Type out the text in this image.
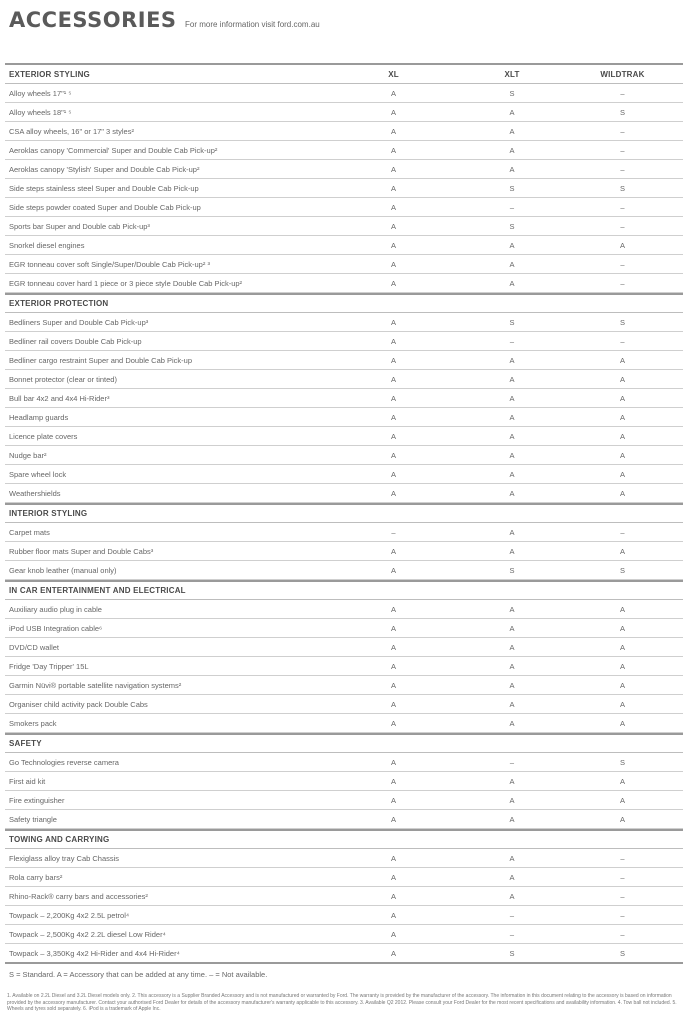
ACCESSORIES For more information visit ford.com.au
EXTERIOR STYLING	XL	XLT	WILDTRAK
Alloy wheels 17"¹ ⁵	A	S	–
Alloy wheels 18"¹ ⁵	A	A	S
CSA alloy wheels, 16" or 17" 3 styles²	A	A	–
Aeroklas canopy 'Commercial' Super and Double Cab Pick-up²	A	A	–
Aeroklas canopy 'Stylish' Super and Double Cab Pick-up²	A	A	–
Side steps stainless steel Super and Double Cab Pick-up	A	S	S
Side steps powder coated Super and Double Cab Pick-up	A	–	–
Sports bar Super and Double cab Pick-up³	A	S	–
Snorkel diesel engines	A	A	A
EGR tonneau cover soft Single/Super/Double Cab Pick-up² ³	A	A	–
EGR tonneau cover hard 1 piece or 3 piece style Double Cab Pick-up²	A	A	–
EXTERIOR PROTECTION
Bedliners Super and Double Cab Pick-up³	A	S	S
Bedliner rail covers Double Cab Pick-up	A	–	–
Bedliner cargo restraint Super and Double Cab Pick-up	A	A	A
Bonnet protector (clear or tinted)	A	A	A
Bull bar 4x2 and 4x4 Hi-Rider³	A	A	A
Headlamp guards	A	A	A
Licence plate covers	A	A	A
Nudge bar²	A	A	A
Spare wheel lock	A	A	A
Weathershields	A	A	A
INTERIOR STYLING
Carpet mats	–	A	–
Rubber floor mats Super and Double Cabs³	A	A	A
Gear knob leather (manual only)	A	S	S
IN CAR ENTERTAINMENT AND ELECTRICAL
Auxiliary audio plug in cable	A	A	A
iPod USB Integration cable⁶	A	A	A
DVD/CD wallet	A	A	A
Fridge 'Day Tripper' 15L	A	A	A
Garmin Nüvi® portable satellite navigation systems²	A	A	A
Organiser child activity pack Double Cabs	A	A	A
Smokers pack	A	A	A
SAFETY
Go Technologies reverse camera	A	–	S
First aid kit	A	A	A
Fire extinguisher	A	A	A
Safety triangle	A	A	A
TOWING AND CARRYING
Flexiglass alloy tray Cab Chassis	A	A	–
Rola carry bars²	A	A	–
Rhino-Rack® carry bars and accessories²	A	A	–
Towpack – 2,200Kg 4x2 2.5L petrol⁴	A	–	–
Towpack – 2,500Kg 4x2 2.2L diesel Low Rider⁴	A	–	–
Towpack – 3,350Kg 4x2 Hi-Rider and 4x4 Hi-Rider⁴	A	S	S
S = Standard. A = Accessory that can be added at any time. – = Not available.
1. Available on 2.2L Diesel and 3.2L Diesel models only. 2. This accessory is a Supplier Branded Accessory and is not manufactured or warranted by Ford. The warranty is provided by the manufacturer of the accessory. The information in this document relating to the accessory is based on information provided by the accessory manufacturer. Contact your authorised Ford Dealer for details of the accessory manufacturer's warranty applicable to this accessory. 3. Available Q2 2012. Please consult your Ford Dealer for the most recent specifications and availability information. 4. Tow ball not included. 5. Wheels and tyres sold separately. 6. iPod is a trademark of Apple Inc.
